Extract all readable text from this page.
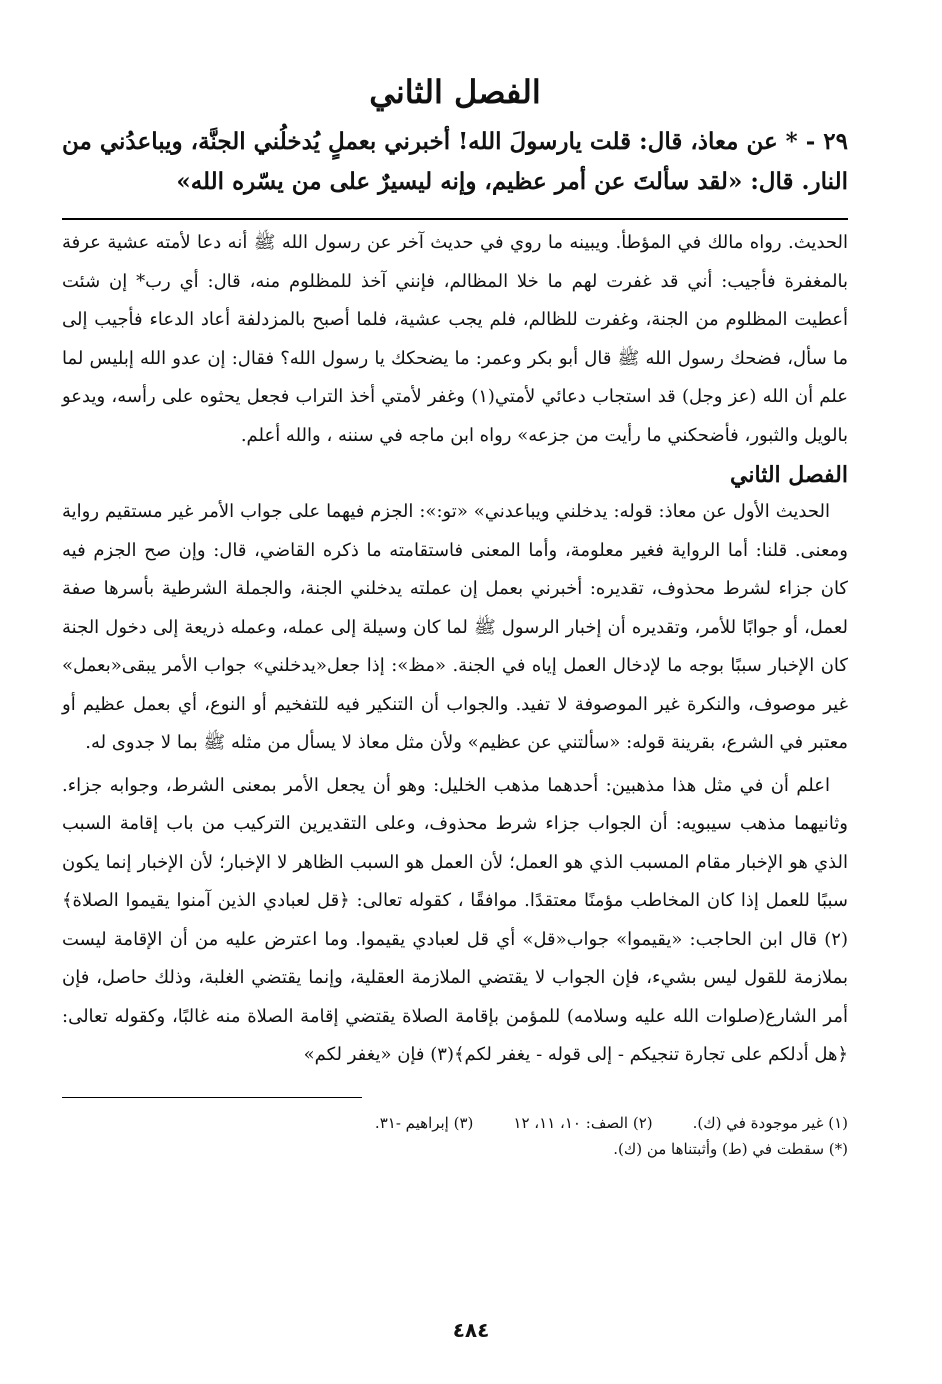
الفصل الثاني

٢٩ - * عن معاذ، قال: قلت يارسولَ الله! أخبرني بعملٍ يُدخلُني الجنَّة، ويباعدُني من النار. قال: «لقد سألتَ عن أمر عظيم، وإنه ليسيرٌ على من يسّره الله»

الحديث. رواه مالك في المؤطأ. ويبينه ما روي في حديث آخر عن رسول الله ﷺ أنه دعا لأمته عشية عرفة بالمغفرة فأجيب: أني قد غفرت لهم ما خلا المظالم، فإنني آخذ للمظلوم منه، قال: أي رب* إن شئت أعطيت المظلوم من الجنة، وغفرت للظالم، فلم يجب عشية، فلما أصبح بالمزدلفة أعاد الدعاء فأجيب إلى ما سأل، فضحك رسول الله ﷺ قال أبو بكر وعمر: ما يضحكك يا رسول الله؟ فقال: إن عدو الله إبليس لما علم أن الله (عز وجل) قد استجاب دعائي لأمتي(١) وغفر لأمتي أخذ التراب فجعل يحثوه على رأسه، ويدعو بالويل والثبور، فأضحكني ما رأيت من جزعه» رواه ابن ماجه في سننه ، والله أعلم.

الفصل الثاني

الحديث الأول عن معاذ: قوله: يدخلني ويباعدني» «تو:»: الجزم فيهما على جواب الأمر غير مستقيم رواية ومعنى. قلنا: أما الرواية فغير معلومة، وأما المعنى فاستقامته ما ذكره القاضي، قال: وإن صح الجزم فيه كان جزاء لشرط محذوف، تقديره: أخبرني بعمل إن عملته يدخلني الجنة، والجملة الشرطية بأسرها صفة لعمل، أو جوابًا للأمر، وتقديره أن إخبار الرسول ﷺ لما كان وسيلة إلى عمله، وعمله ذريعة إلى دخول الجنة كان الإخبار سببًا بوجه ما لإدخال العمل إياه في الجنة. «مظ»: إذا جعل«يدخلني» جواب الأمر يبقى«بعمل» غير موصوف، والنكرة غير الموصوفة لا تفيد. والجواب أن التنكير فيه للتفخيم أو النوع، أي بعمل عظيم أو معتبر في الشرع، بقرينة قوله: «سألتني عن عظيم» ولأن مثل معاذ لا يسأل من مثله ﷺ بما لا جدوى له.

اعلم أن في مثل هذا مذهبين: أحدهما مذهب الخليل: وهو أن يجعل الأمر بمعنى الشرط، وجوابه جزاء. وثانيهما مذهب سيبويه: أن الجواب جزاء شرط محذوف، وعلى التقديرين التركيب من باب إقامة السبب الذي هو الإخبار مقام المسبب الذي هو العمل؛ لأن العمل هو السبب الظاهر لا الإخبار؛ لأن الإخبار إنما يكون سببًا للعمل إذا كان المخاطب مؤمنًا معتقدًا. موافقًا ، كقوله تعالى: ﴿قل لعبادي الذين آمنوا يقيموا الصلاة﴾(٢) قال ابن الحاجب: «يقيموا» جواب«قل» أي قل لعبادي يقيموا. وما اعترض عليه من أن الإقامة ليست بملازمة للقول ليس بشيء، فإن الجواب لا يقتضي الملازمة العقلية، وإنما يقتضي الغلبة، وذلك حاصل، فإن أمر الشارع(صلوات الله عليه وسلامه) للمؤمن بإقامة الصلاة يقتضي إقامة الصلاة منه غالبًا، وكقوله تعالى: ﴿هل أدلكم على تجارة تنجيكم - إلى قوله - يغفر لكم﴾(٣) فإن «يغفر لكم»

(١) غير موجودة في (ك).
(٢) الصف: ١٠، ١١، ١٢
(٣) إبراهيم -٣١.
(*) سقطت في (ط) وأثبتناها من (ك).
٤٨٤
